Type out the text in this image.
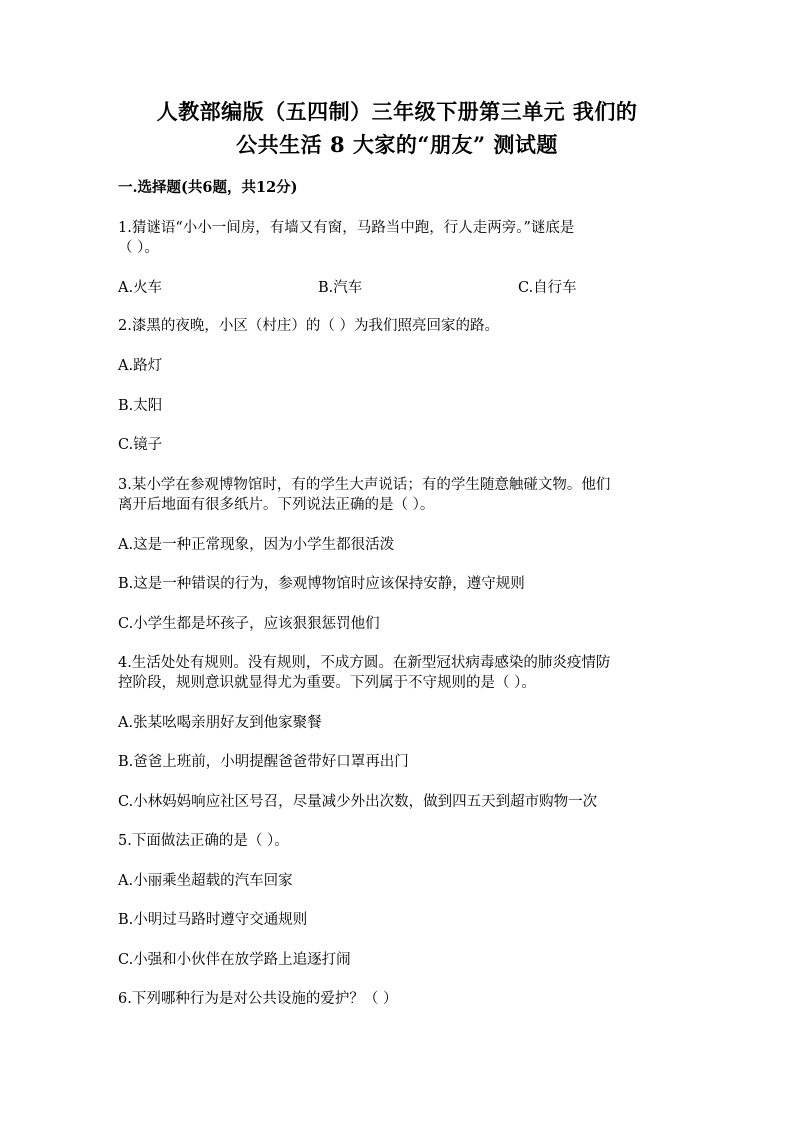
人教部编版（五四制）三年级下册第三单元 我们的
公共生活 8 大家的“朋友” 测试题
一.选择题(共6题，共12分)
1.猜谜语“小小一间房，有墙又有窗，马路当中跑，行人走两旁。”谜底是
（ ）。
A.火车	B.汽车	C.自行车
2.漆黑的夜晚，小区（村庄）的（ ）为我们照亮回家的路。
A.路灯
B.太阳
C.镜子
3.某小学在参观博物馆时，有的学生大声说话；有的学生随意触碰文物。他们
离开后地面有很多纸片。下列说法正确的是（ ）。
A.这是一种正常现象，因为小学生都很活泼
B.这是一种错误的行为，参观博物馆时应该保持安静，遵守规则
C.小学生都是坏孩子，应该狠狠惩罚他们
4.生活处处有规则。没有规则，不成方圆。在新型冠状病毒感染的肺炎疫情防
控阶段，规则意识就显得尤为重要。下列属于不守规则的是（ ）。
A.张某吆喝亲朋好友到他家聚餐
B.爸爸上班前，小明提醒爸爸带好口罩再出门
C.小林妈妈响应社区号召，尽量减少外出次数，做到四五天到超市购物一次
5.下面做法正确的是（ ）。
A.小丽乘坐超载的汽车回家
B.小明过马路时遵守交通规则
C.小强和小伙伴在放学路上追逐打闹
6.下列哪种行为是对公共设施的爱护？（ ）
